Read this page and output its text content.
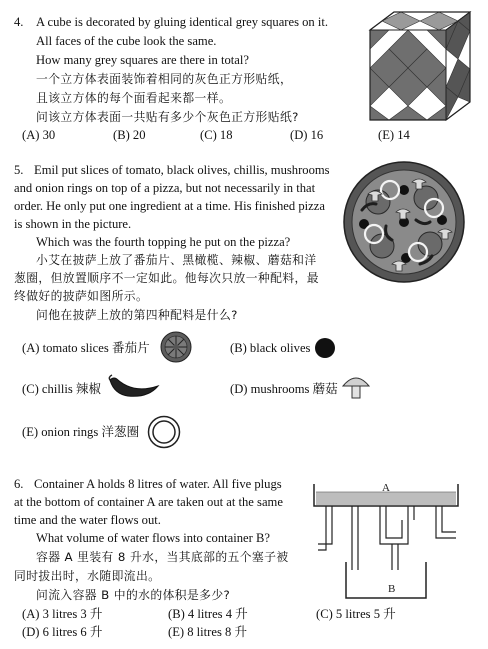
4. A cube is decorated by gluing identical grey squares on it.
All faces of the cube look the same.
How many grey squares are there in total?
一个立方体表面装饰着相同的灰色正方形贴纸，
且该立方体的每个面看起来都一样。
问该立方体表面一共贴有多少个灰色正方形贴纸?
(A) 30	(B) 20	(C) 18	(D) 16	(E) 14
5. Emil put slices of tomato, black olives, chillis, mushrooms
and onion rings on top of a pizza, but not necessarily in that
order. He only put one ingredient at a time. His finished pizza
is shown in the picture.
Which was the fourth topping he put on the pizza?
小艾在披萨上放了番茄片、黑橄榄、辣椒、蘑菇和洋
葱圈，但放置顺序不一定如此。他每次只放一种配料，最
终做好的披萨如图所示。
问他在披萨上放的第四种配料是什么?
(A) tomato slices 番茄片	(B) black olives
(C) chillis 辣椒	(D) mushrooms 蘑菇
(E) onion rings 洋葱圈
6. Container A holds 8 litres of water. All five plugs
at the bottom of container A are taken out at the same
time and the water flows out.
What volume of water flows into container B?
容器 A 里装有 8 升水，当其底部的五个塞子被
同时拔出时，水随即流出。
问流入容器 B 中的水的体积是多少?
(A) 3 litres 3 升	(B) 4 litres 4 升	(C) 5 litres 5 升
(D) 6 litres 6 升	(E) 8 litres 8 升
A
B
